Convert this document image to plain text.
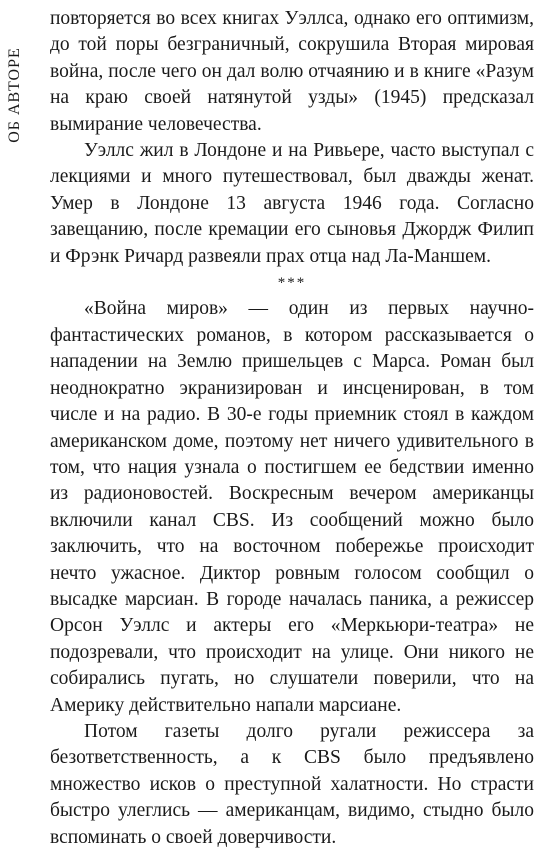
ОБ АВТОРЕ

повторяется во всех книгах Уэллса, однако его оптимизм, до той поры безграничный, сокрушила Вторая мировая война, после чего он дал волю отчаянию и в книге «Разум на краю своей натянутой узды» (1945) предсказал вымирание человечества.

Уэллс жил в Лондоне и на Ривьере, часто выступал с лекциями и много путешествовал, был дважды женат. Умер в Лондоне 13 августа 1946 года. Согласно завещанию, после кремации его сыновья Джордж Филип и Фрэнк Ричард развеяли прах отца над Ла-Маншем.

***

«Война миров» — один из первых научно-фантастических романов, в котором рассказывается о нападении на Землю пришельцев с Марса. Роман был неоднократно экранизирован и инсценирован, в том числе и на радио. В 30-е годы приемник стоял в каждом американском доме, поэтому нет ничего удивительного в том, что нация узнала о постигшем ее бедствии именно из радионовостей. Воскресным вечером американцы включили канал CBS. Из сообщений можно было заключить, что на восточном побережье происходит нечто ужасное. Диктор ровным голосом сообщил о высадке марсиан. В городе началась паника, а режиссер Орсон Уэллс и актеры его «Меркьюри-театра» не подозревали, что происходит на улице. Они никого не собирались пугать, но слушатели поверили, что на Америку действительно напали марсиане.

Потом газеты долго ругали режиссера за безответственность, а к CBS было предъявлено множество исков о преступной халатности. Но страсти быстро улеглись — американцам, видимо, стыдно было вспоминать о своей доверчивости.
